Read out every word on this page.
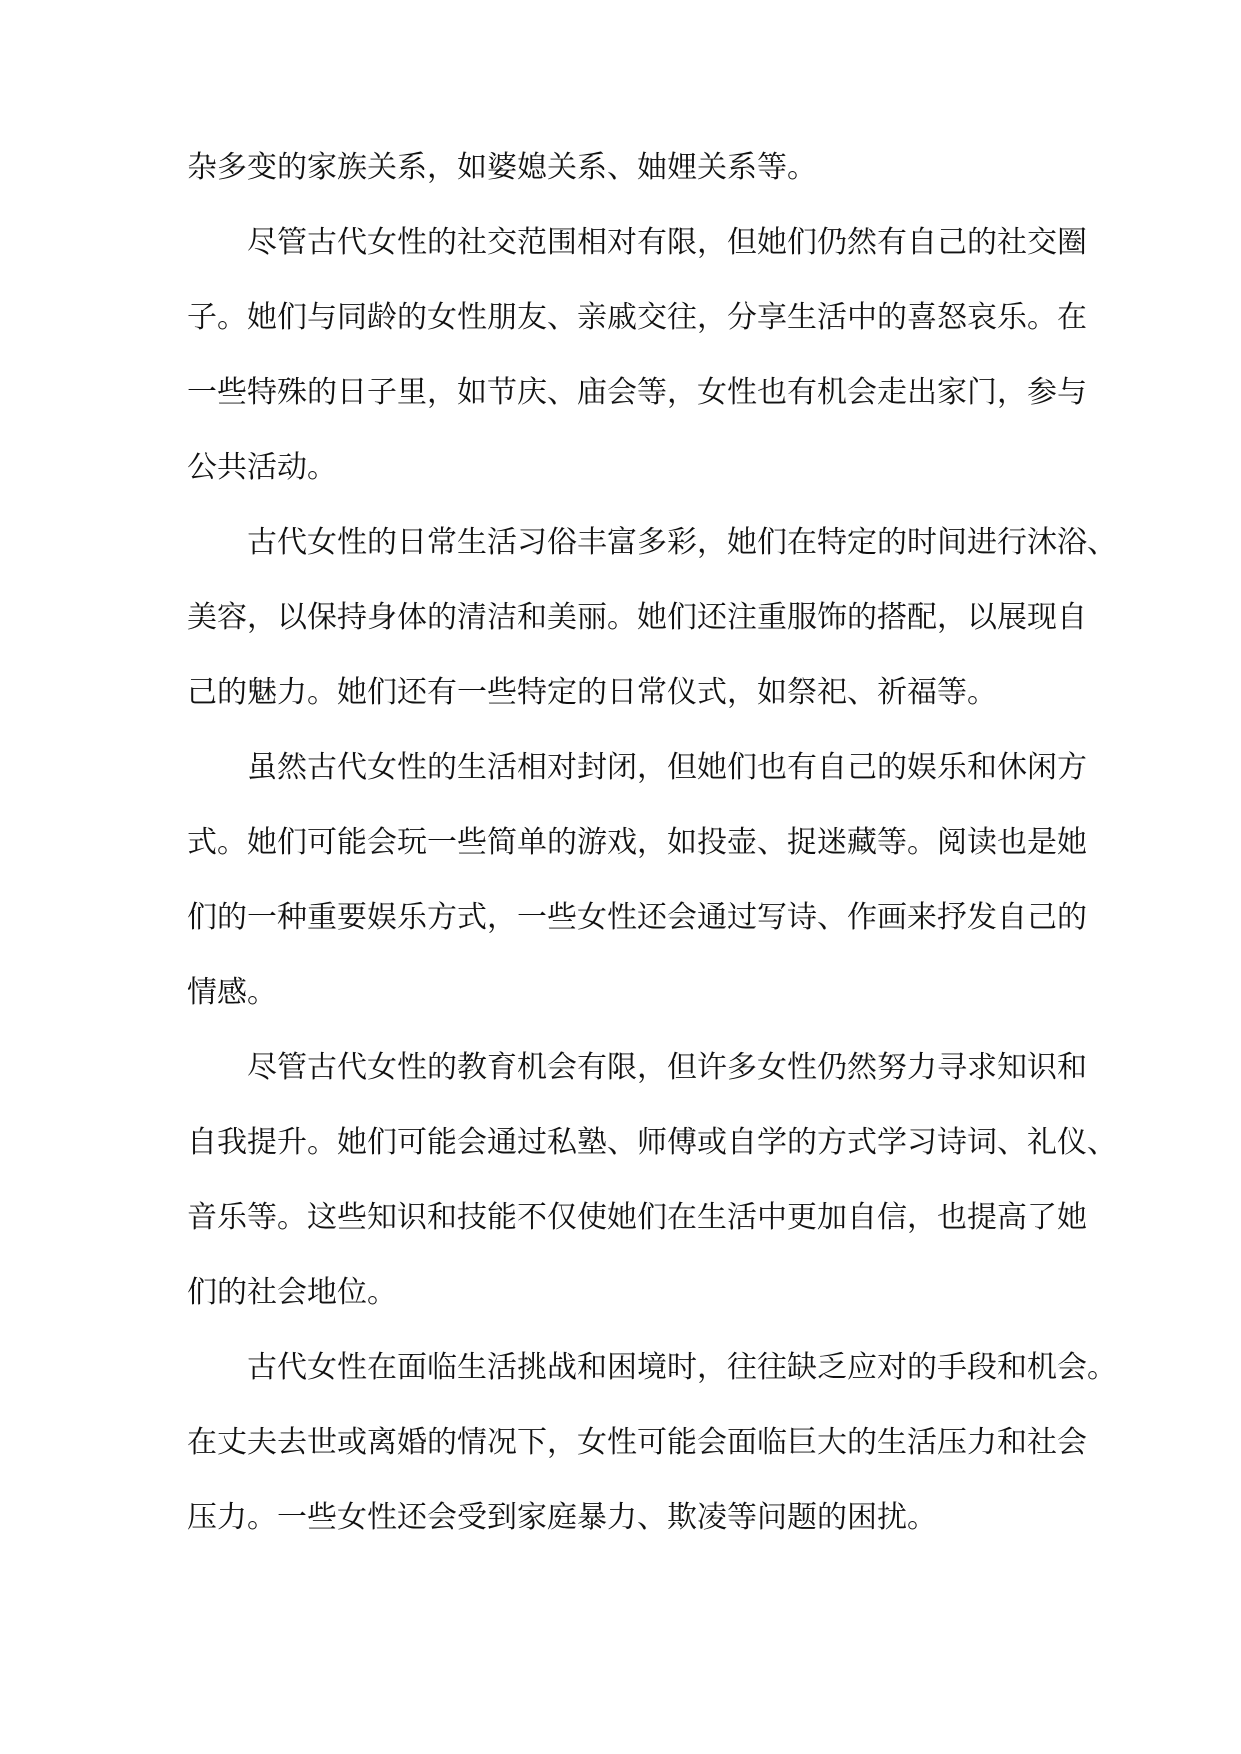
杂多变的家族关系，如婆媳关系、妯娌关系等。
尽管古代女性的社交范围相对有限，但她们仍然有自己的社交圈
子。她们与同龄的女性朋友、亲戚交往，分享生活中的喜怒哀乐。在
一些特殊的日子里，如节庆、庙会等，女性也有机会走出家门，参与
公共活动。
古代女性的日常生活习俗丰富多彩，她们在特定的时间进行沐浴、
美容，以保持身体的清洁和美丽。她们还注重服饰的搭配，以展现自
己的魅力。她们还有一些特定的日常仪式，如祭祀、祈福等。
虽然古代女性的生活相对封闭，但她们也有自己的娱乐和休闲方
式。她们可能会玩一些简单的游戏，如投壶、捉迷藏等。阅读也是她
们的一种重要娱乐方式，一些女性还会通过写诗、作画来抒发自己的
情感。
尽管古代女性的教育机会有限，但许多女性仍然努力寻求知识和
自我提升。她们可能会通过私塾、师傅或自学的方式学习诗词、礼仪、
音乐等。这些知识和技能不仅使她们在生活中更加自信，也提高了她
们的社会地位。
古代女性在面临生活挑战和困境时，往往缺乏应对的手段和机会。
在丈夫去世或离婚的情况下，女性可能会面临巨大的生活压力和社会
压力。一些女性还会受到家庭暴力、欺凌等问题的困扰。
